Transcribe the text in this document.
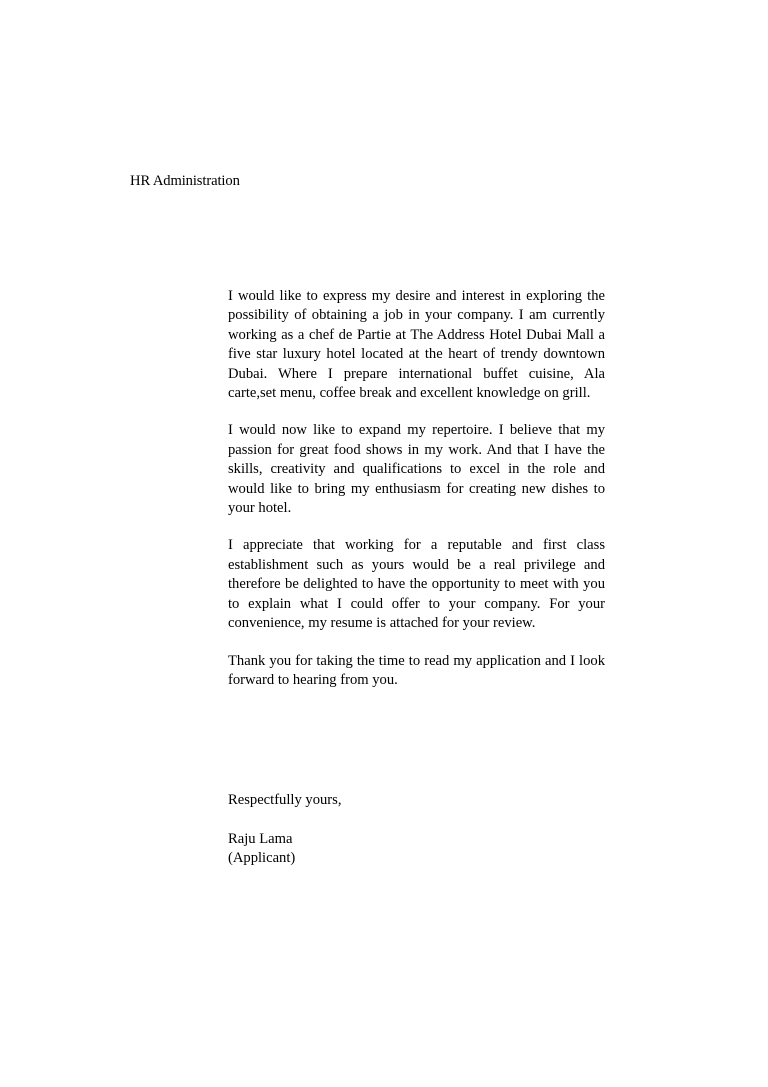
HR Administration

I would like to express my desire and interest in exploring the possibility of obtaining a job in your company. I am currently working as a chef de Partie at The Address Hotel Dubai Mall a five star luxury hotel located at the heart of trendy downtown Dubai. Where I prepare international buffet cuisine, Ala carte,set menu, coffee break and excellent knowledge on grill.

I would now like to expand my repertoire. I believe that my passion for great food shows in my work. And that I have the skills, creativity and qualifications to excel in the role and would like to bring my enthusiasm for creating new dishes to your hotel.

I appreciate that working for a reputable and first class establishment such as yours would be a real privilege and therefore be delighted to have the opportunity to meet with you to explain what I could offer to your company. For your convenience, my resume is attached for your review.

Thank you for taking the time to read my application and I look forward to hearing from you.

Respectfully yours,
Raju Lama
(Applicant)
